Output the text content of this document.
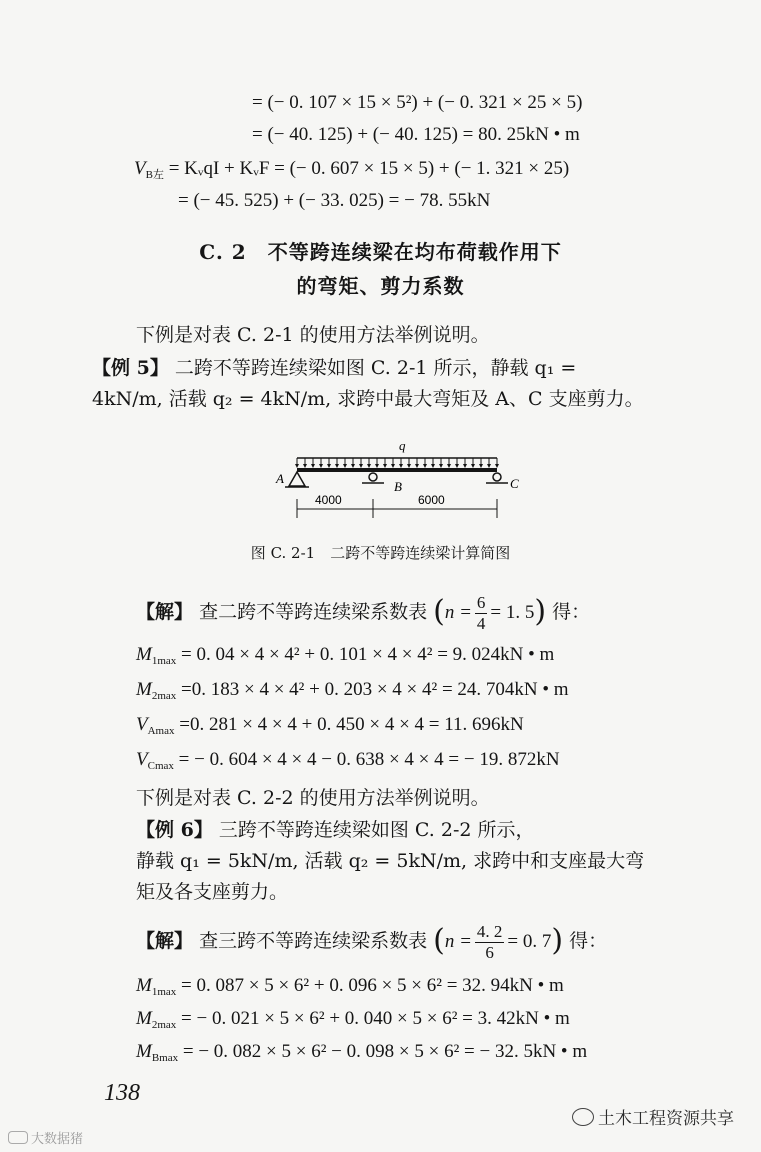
= (− 0. 107 × 15 × 5²) + (− 0. 321 × 25 × 5)
= (− 40. 125) + (− 40. 125) = 80. 25kN • m
$V_{B左}$ = KᵥqI + KᵥF = (− 0. 607 × 15 × 5) + (− 1. 321 × 25)
= (− 45. 525) + (− 33. 025) = − 78. 55kN
C. 2　不等跨连续梁在均布荷载作用下
的弯矩、剪力系数
下例是对表 C. 2-1 的使用方法举例说明。
【例 5】 二跨不等跨连续梁如图 C. 2-1 所示，静载 q₁ =
4kN/m, 活载 q₂ = 4kN/m, 求跨中最大弯矩及 A、C 支座剪力。
q
A
B	C
4000	6000
图 C. 2-1　二跨不等跨连续梁计算简图
【解】 查二跨不等跨连续梁系数表 ($n = \frac{6}{4} = 1$. 5) 得：
$M_{1max} = 0$. 04 × 4 × 4² + 0. 101 × 4 × 4² = 9. 024kN • m
$M_{2max} =0$. 183 × 4 × 4² + 0. 203 × 4 × 4² = 24. 704kN • m
$V_{Amax} =0$. 281 × 4 × 4 + 0. 450 × 4 × 4 = 11. 696kN
$V_{Cmax}$ = − 0. 604 × 4 × 4 − 0. 638 × 4 × 4 = − 19. 872kN
下例是对表 C. 2-2 的使用方法举例说明。
【例 6】 三跨不等跨连续梁如图 C. 2-2 所示，
静载 q₁ = 5kN/m, 活载 q₂ = 5kN/m, 求跨中和支座最大弯
矩及各支座剪力。
【解】 查三跨不等跨连续梁系数表 ($n = \frac{4. 2}{6} = 0$. 7) 得：
$M_{1max} = 0$. 087 × 5 × 6² + 0. 096 × 5 × 6² = 32. 94kN • m
$M_{2max}$ = − 0. 021 × 5 × 6² + 0. 040 × 5 × 6² = 3. 42kN • m
$M_{Bmax}$ = − 0. 082 × 5 × 6² − 0. 098 × 5 × 6² = − 32. 5kN • m
138
土木工程资源共享
大数据猪
